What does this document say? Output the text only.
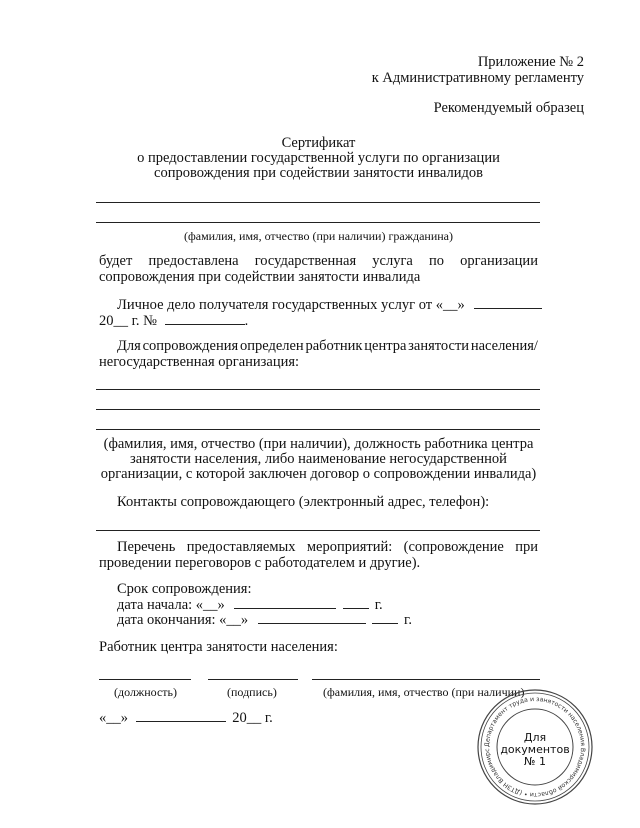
Приложение № 2
к Административному регламенту
Рекомендуемый образец
Сертификат
о предоставлении государственной услуги по организации
сопровождения при содействии занятости инвалидов
(фамилия, имя, отчество (при наличии) гражданина)
будет предоставлена государственная услуга по организации
сопровождения при содействии занятости инвалида
Личное дело получателя государственных услуг от «__»
20__ г. №	.
Для сопровождения определен работник центра занятости населения/
негосударственная организация:
(фамилия, имя, отчество (при наличии), должность работника центра
занятости населения, либо наименование негосударственной
организации, с которой заключен договор о сопровождении инвалида)
Контакты сопровождающего (электронный адрес, телефон):
Перечень предоставляемых мероприятий: (сопровождение при
проведении переговоров с работодателем и другие).
Срок сопровождения:
дата начала: «__»	г.
дата окончания: «__»	г.
Работник центра занятости населения:
(должность)	(подпись)	(фамилия, имя, отчество (при наличии)
«__»	20__ г.
Департамент труда и занятости населения Владимирской области • (ДТЗН Владимирс
Для
документов
№ 1
